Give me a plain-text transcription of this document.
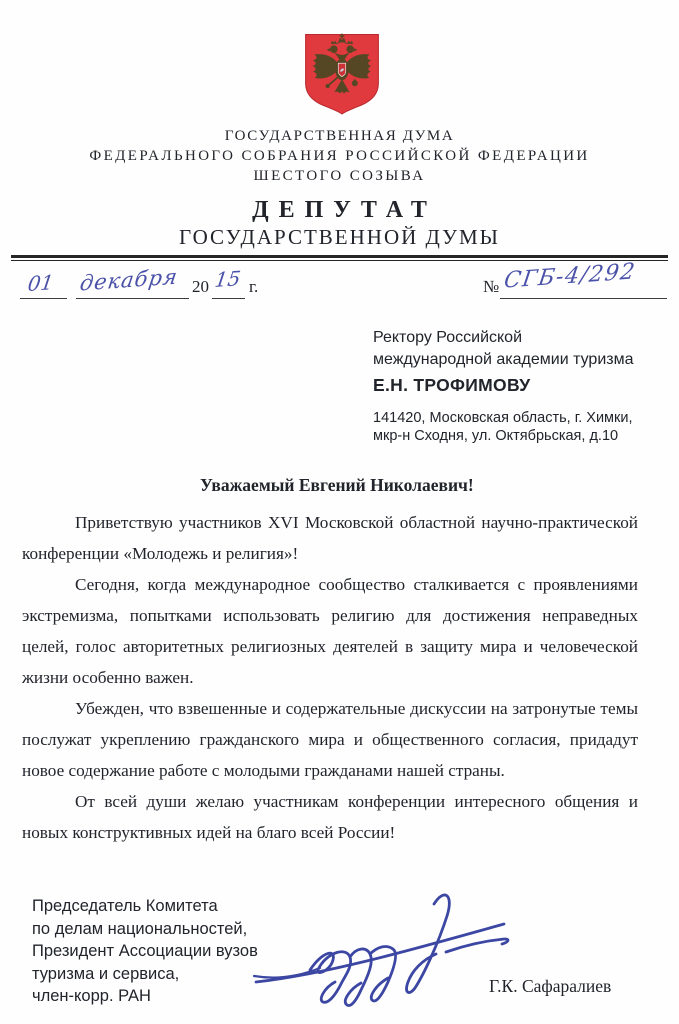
ГОСУДАРСТВЕННАЯ ДУМА
ФЕДЕРАЛЬНОГО СОБРАНИЯ РОССИЙСКОЙ ФЕДЕРАЦИИ
ШЕСТОГО СОЗЫВА
ДЕПУТАТ
ГОСУДАРСТВЕННОЙ ДУМЫ
01 декабря 20 15 г.	№ СГБ-4/292
Ректору Российской
международной академии туризма
Е.Н. ТРОФИМОВУ
141420, Московская область, г. Химки,
мкр-н Сходня, ул. Октябрьская, д.10
Уважаемый Евгений Николаевич!

Приветствую участников XVI Московской областной научно-практической конференции «Молодежь и религия»!

Сегодня, когда международное сообщество сталкивается с проявлениями экстремизма, попытками использовать религию для достижения неправедных целей, голос авторитетных религиозных деятелей в защиту мира и человеческой жизни особенно важен.

Убежден, что взвешенные и содержательные дискуссии на затронутые темы послужат укреплению гражданского мира и общественного согласия, придадут новое содержание работе с молодыми гражданами нашей страны.

От всей души желаю участникам конференции интересного общения и новых конструктивных идей на благо всей России!

Председатель Комитета
по делам национальностей,
Президент Ассоциации вузов
туризма и сервиса,
член-корр. РАН	Г.К. Сафаралиев
